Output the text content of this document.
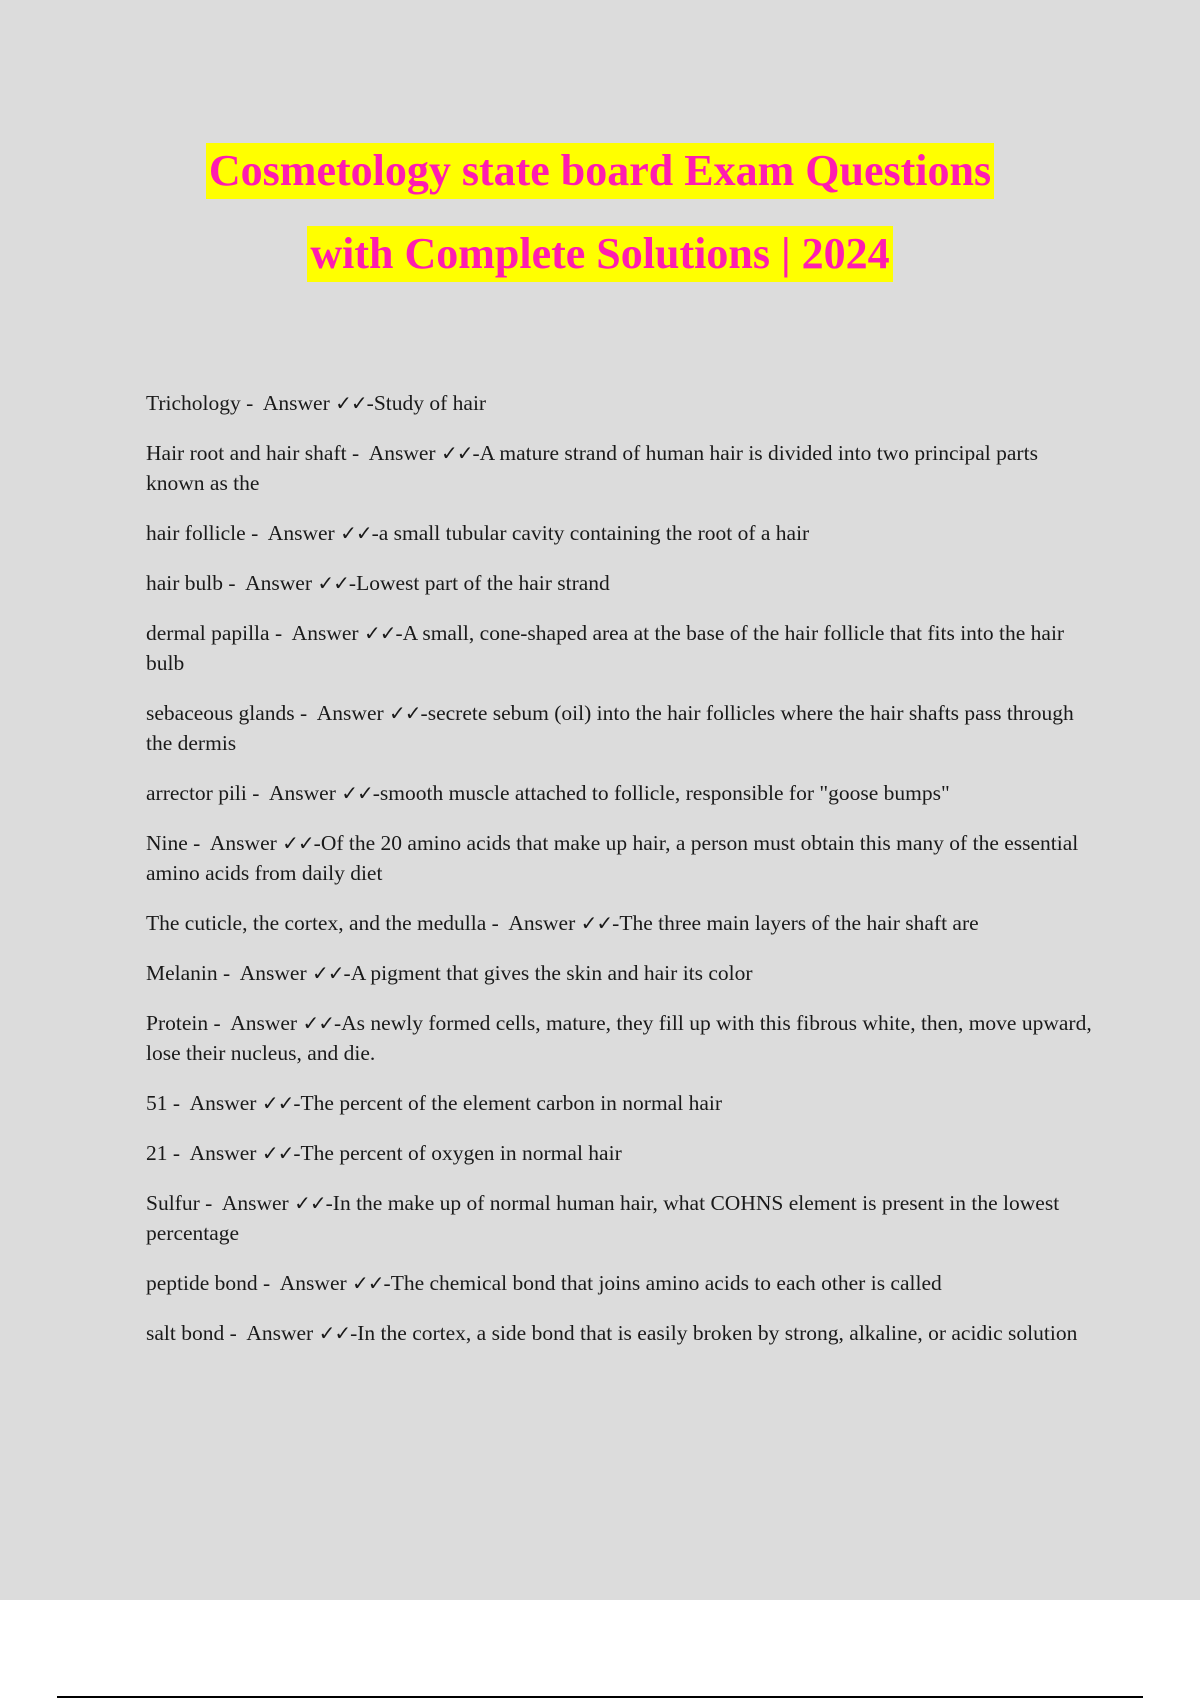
Cosmetology state board Exam Questions
with Complete Solutions | 2024
Trichology -  Answer ✓✓-Study of hair
Hair root and hair shaft -  Answer ✓✓-A mature strand of human hair is divided into two principal parts known as the
hair follicle -  Answer ✓✓-a small tubular cavity containing the root of a hair
hair bulb -  Answer ✓✓-Lowest part of the hair strand
dermal papilla -  Answer ✓✓-A small, cone-shaped area at the base of the hair follicle that fits into the hair bulb
sebaceous glands -  Answer ✓✓-secrete sebum (oil) into the hair follicles where the hair shafts pass through the dermis
arrector pili -  Answer ✓✓-smooth muscle attached to follicle, responsible for "goose bumps"
Nine -  Answer ✓✓-Of the 20 amino acids that make up hair, a person must obtain this many of the essential amino acids from daily diet
The cuticle, the cortex, and the medulla -  Answer ✓✓-The three main layers of the hair shaft are
Melanin -  Answer ✓✓-A pigment that gives the skin and hair its color
Protein -  Answer ✓✓-As newly formed cells, mature, they fill up with this fibrous white, then, move upward, lose their nucleus, and die.
51 -  Answer ✓✓-The percent of the element carbon in normal hair
21 -  Answer ✓✓-The percent of oxygen in normal hair
Sulfur -  Answer ✓✓-In the make up of normal human hair, what COHNS element is present in the lowest percentage
peptide bond -  Answer ✓✓-The chemical bond that joins amino acids to each other is called
salt bond -  Answer ✓✓-In the cortex, a side bond that is easily broken by strong, alkaline, or acidic solution
